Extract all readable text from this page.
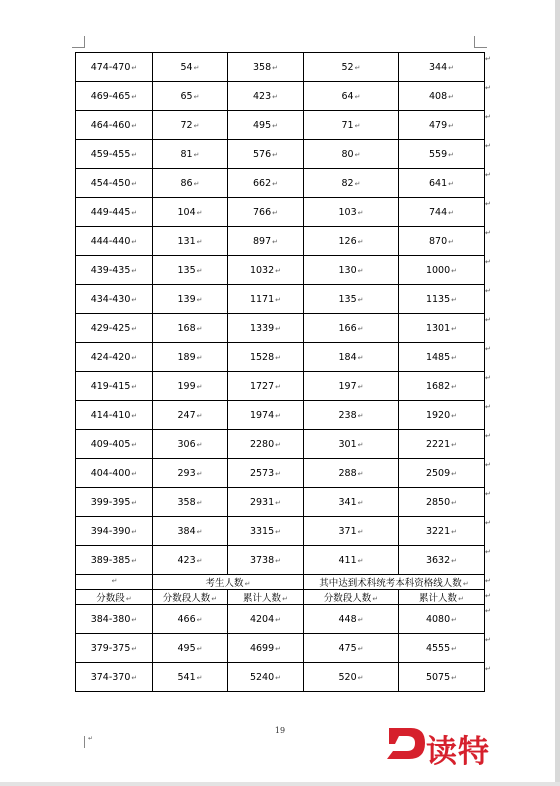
474-470↵	54↵	358↵	52↵	344↵
469-465↵	65↵	423↵	64↵	408↵
464-460↵	72↵	495↵	71↵	479↵
459-455↵	81↵	576↵	80↵	559↵
454-450↵	86↵	662↵	82↵	641↵
449-445↵	104↵	766↵	103↵	744↵
444-440↵	131↵	897↵	126↵	870↵
439-435↵	135↵	1032↵	130↵	1000↵
434-430↵	139↵	1171↵	135↵	1135↵
429-425↵	168↵	1339↵	166↵	1301↵
424-420↵	189↵	1528↵	184↵	1485↵
419-415↵	199↵	1727↵	197↵	1682↵
414-410↵	247↵	1974↵	238↵	1920↵
409-405↵	306↵	2280↵	301↵	2221↵
404-400↵	293↵	2573↵	288↵	2509↵
399-395↵	358↵	2931↵	341↵	2850↵
394-390↵	384↵	3315↵	371↵	3221↵
389-385↵	423↵	3738↵	411↵	3632↵
↵	考生人数↵		其中达到术科统考本科资格线人数↵	
分数段↵	分数段人数↵	累计人数↵	分数段人数↵	累计人数↵
384-380↵	466↵	4204↵	448↵	4080↵
379-375↵	495↵	4699↵	475↵	4555↵
374-370↵	541↵	5240↵	520↵	5075↵
↵
↵
↵
↵
↵
↵
↵
↵
↵
↵
↵
↵
↵
↵
↵
↵
↵
↵
↵
↵
↵
↵
↵
19
↵	读特
